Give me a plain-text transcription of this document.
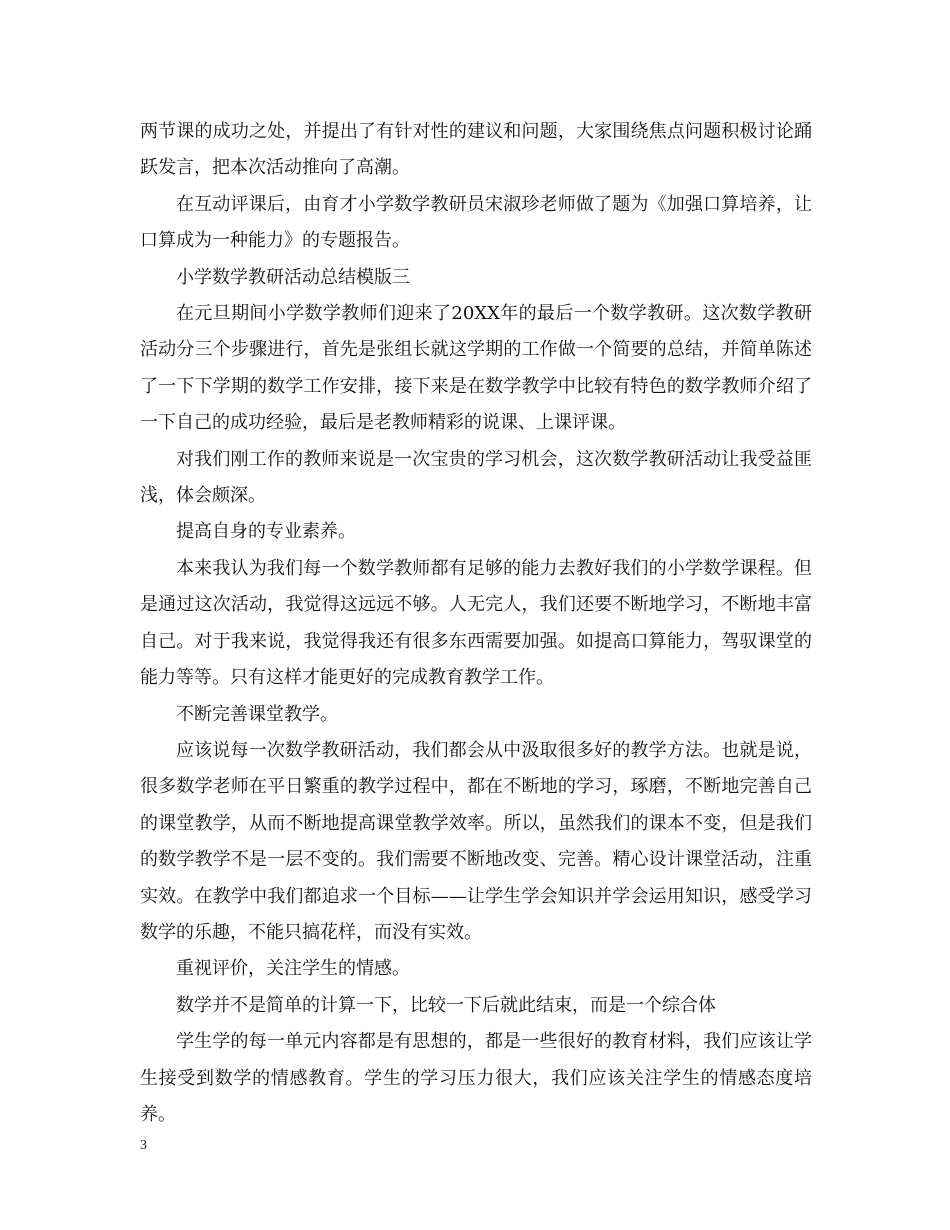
两节课的成功之处，并提出了有针对性的建议和问题，大家围绕焦点问题积极讨论踊跃发言，把本次活动推向了高潮。

在互动评课后，由育才小学数学教研员宋淑珍老师做了题为《加强口算培养，让口算成为一种能力》的专题报告。

小学数学教研活动总结模版三

在元旦期间小学数学教师们迎来了20XX年的最后一个数学教研。这次数学教研活动分三个步骤进行，首先是张组长就这学期的工作做一个简要的总结，并简单陈述了一下下学期的数学工作安排，接下来是在数学教学中比较有特色的数学教师介绍了一下自己的成功经验，最后是老教师精彩的说课、上课评课。

对我们刚工作的教师来说是一次宝贵的学习机会，这次数学教研活动让我受益匪浅，体会颇深。

提高自身的专业素养。

本来我认为我们每一个数学教师都有足够的能力去教好我们的小学数学课程。但是通过这次活动，我觉得这远远不够。人无完人，我们还要不断地学习，不断地丰富自己。对于我来说，我觉得我还有很多东西需要加强。如提高口算能力，驾驭课堂的能力等等。只有这样才能更好的完成教育教学工作。

不断完善课堂教学。

应该说每一次数学教研活动，我们都会从中汲取很多好的教学方法。也就是说，很多数学老师在平日繁重的教学过程中，都在不断地的学习，琢磨，不断地完善自己的课堂教学，从而不断地提高课堂教学效率。所以，虽然我们的课本不变，但是我们的数学教学不是一层不变的。我们需要不断地改变、完善。精心设计课堂活动，注重实效。在教学中我们都追求一个目标——让学生学会知识并学会运用知识，感受学习数学的乐趣，不能只搞花样，而没有实效。

重视评价，关注学生的情感。

数学并不是简单的计算一下，比较一下后就此结束，而是一个综合体

学生学的每一单元内容都是有思想的，都是一些很好的教育材料，我们应该让学生接受到数学的情感教育。学生的学习压力很大，我们应该关注学生的情感态度培养。

3
